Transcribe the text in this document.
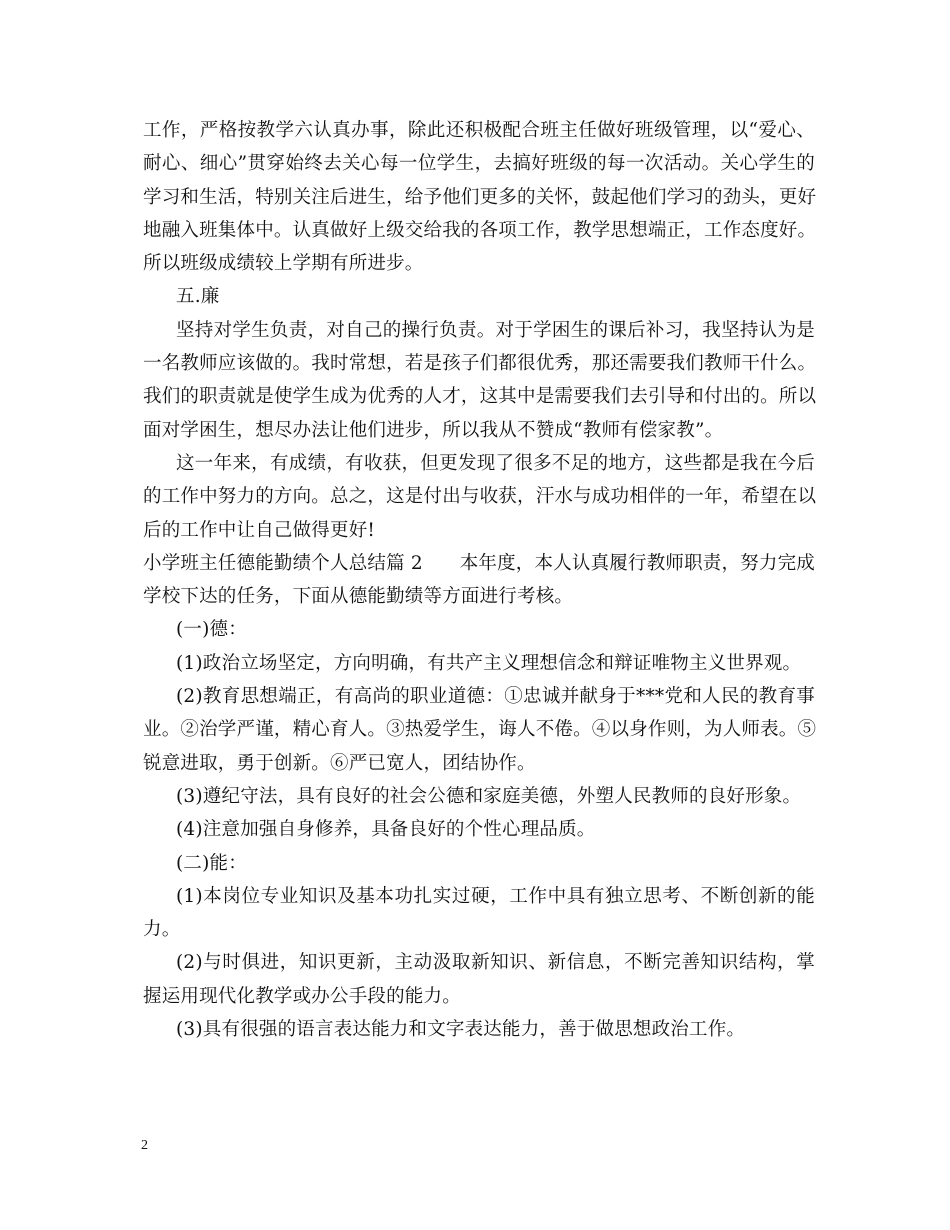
工作，严格按教学六认真办事，除此还积极配合班主任做好班级管理，以“爱心、
耐心、细心”贯穿始终去关心每一位学生，去搞好班级的每一次活动。关心学生的
学习和生活，特别关注后进生，给予他们更多的关怀，鼓起他们学习的劲头，更好
地融入班集体中。认真做好上级交给我的各项工作，教学思想端正，工作态度好。
所以班级成绩较上学期有所进步。
五.廉
坚持对学生负责，对自己的操行负责。对于学困生的课后补习，我坚持认为是
一名教师应该做的。我时常想，若是孩子们都很优秀，那还需要我们教师干什么。
我们的职责就是使学生成为优秀的人才，这其中是需要我们去引导和付出的。所以
面对学困生，想尽办法让他们进步，所以我从不赞成“教师有偿家教”。
这一年来，有成绩，有收获，但更发现了很多不足的地方，这些都是我在今后
的工作中努力的方向。总之，这是付出与收获，汗水与成功相伴的一年，希望在以
后的工作中让自己做得更好!
小学班主任德能勤绩个人总结篇 2 本年度，本人认真履行教师职责，努力完成
学校下达的任务，下面从德能勤绩等方面进行考核。
(一)德：
(1)政治立场坚定，方向明确，有共产主义理想信念和辩证唯物主义世界观。
(2)教育思想端正，有高尚的职业道德：①忠诚并献身于***党和人民的教育事
业。②治学严谨，精心育人。③热爱学生，诲人不倦。④以身作则，为人师表。⑤
锐意进取，勇于创新。⑥严已宽人，团结协作。
(3)遵纪守法，具有良好的社会公德和家庭美德，外塑人民教师的良好形象。
(4)注意加强自身修养，具备良好的个性心理品质。
(二)能：
(1)本岗位专业知识及基本功扎实过硬，工作中具有独立思考、不断创新的能
力。
(2)与时俱进，知识更新，主动汲取新知识、新信息，不断完善知识结构，掌
握运用现代化教学或办公手段的能力。
(3)具有很强的语言表达能力和文字表达能力，善于做思想政治工作。
2
